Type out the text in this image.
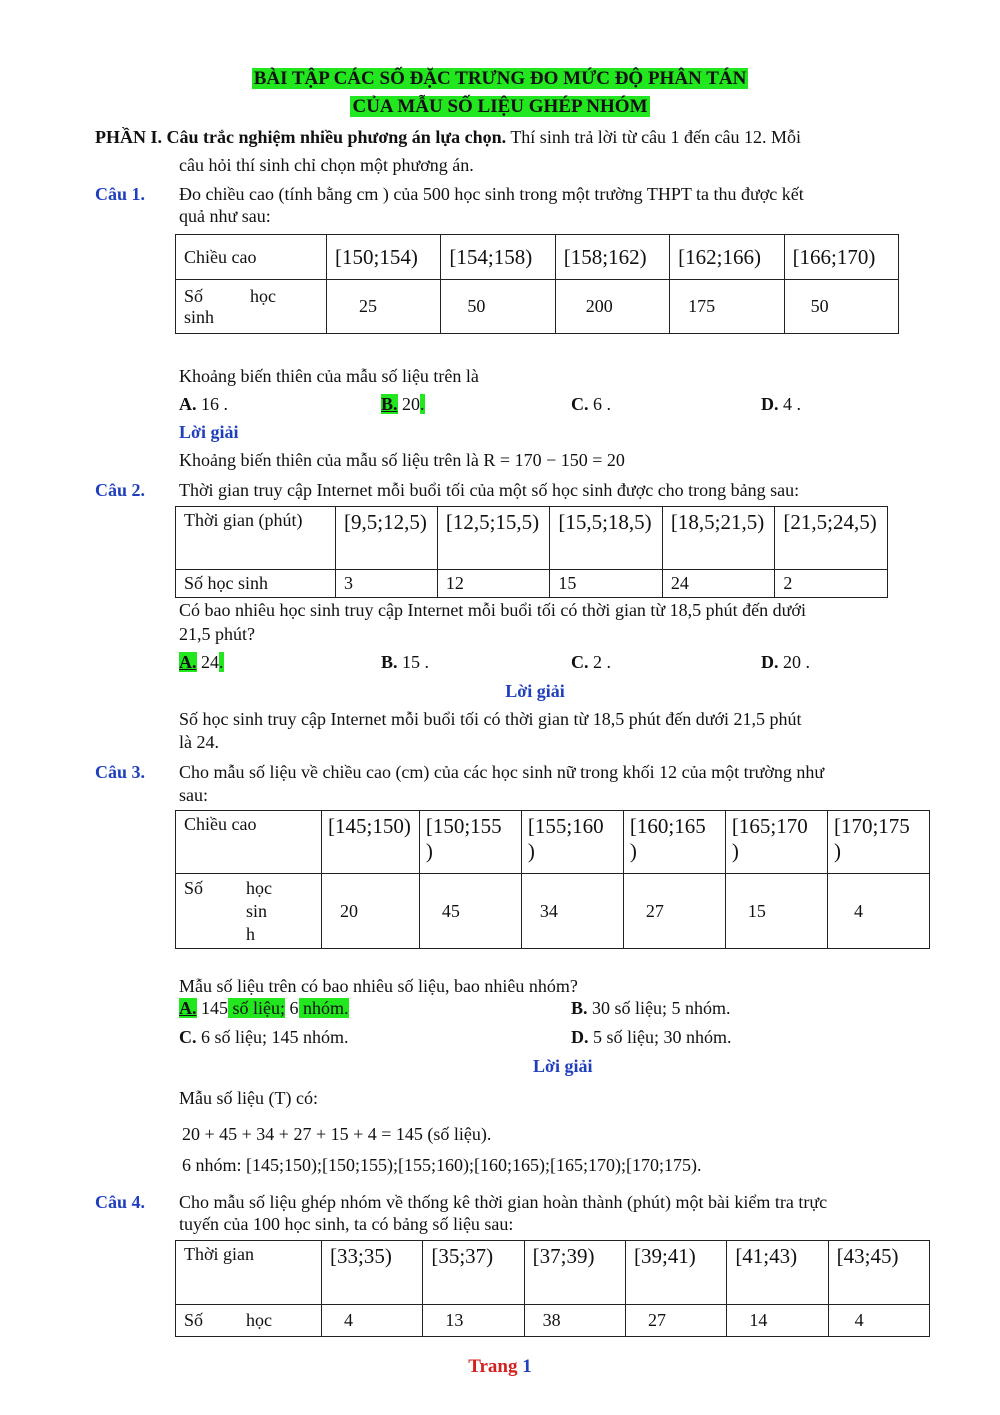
BÀI TẬP CÁC SỐ ĐẶC TRƯNG ĐO MỨC ĐỘ PHÂN TÁN
CỦA MẪU SỐ LIỆU GHÉP NHÓM
PHẦN I. Câu trắc nghiệm nhiều phương án lựa chọn. Thí sinh trả lời từ câu 1 đến câu 12. Mỗi
câu hỏi thí sinh chỉ chọn một phương án.
Câu 1. Đo chiều cao (tính bằng cm ) của 500 học sinh trong một trường THPT ta thu được kết
quả như sau:
Chiều cao	[150;154)	[154;158)	[158;162)	[162;166)	[166;170)

Số học
sinh	25	50	200	175	50
Khoảng biến thiên của mẫu số liệu trên là
A. 16 .	B. 20.	C. 6 .	D. 4 .
Lời giải
Khoảng biến thiên của mẫu số liệu trên là R = 170 − 150 = 20
Câu 2. Thời gian truy cập Internet mỗi buổi tối của một số học sinh được cho trong bảng sau:
Thời gian (phút)	[9,5;12,5)	[12,5;15,5)	[15,5;18,5)	[18,5;21,5)	[21,5;24,5)
Số học sinh	3	12	15	24	2
Có bao nhiêu học sinh truy cập Internet mỗi buổi tối có thời gian từ 18,5 phút đến dưới
21,5 phút?
A. 24.	B. 15 .	C. 2 .	D. 20 .
Lời giải
Số học sinh truy cập Internet mỗi buổi tối có thời gian từ 18,5 phút đến dưới 21,5 phút
là 24.
Câu 3. Cho mẫu số liệu về chiều cao (cm) của các học sinh nữ trong khối 12 của một trường như
sau:
Chiều cao	[145;150)	[150;155 )	[155;160 )	[160;165 )	[165;170 )	[170;175 )

Số học
sin
h	20	45	34	27	15	4
Mẫu số liệu trên có bao nhiêu số liệu, bao nhiêu nhóm?
A. 145 số liệu; 6 nhóm.	B. 30 số liệu; 5 nhóm.
C. 6 số liệu; 145 nhóm.	D. 5 số liệu; 30 nhóm.
Lời giải
Mẫu số liệu (T) có:
20 + 45 + 34 + 27 + 15 + 4 = 145 (số liệu).
6 nhóm: [145;150);[150;155);[155;160);[160;165);[165;170);[170;175).
Câu 4. Cho mẫu số liệu ghép nhóm về thống kê thời gian hoàn thành (phút) một bài kiểm tra trực
tuyến của 100 học sinh, ta có bảng số liệu sau:
Thời gian	[33;35)	[35;37)	[37;39)	[39;41)	[41;43)	[43;45)

Số học	4	13	38	27	14	4
Trang 1
